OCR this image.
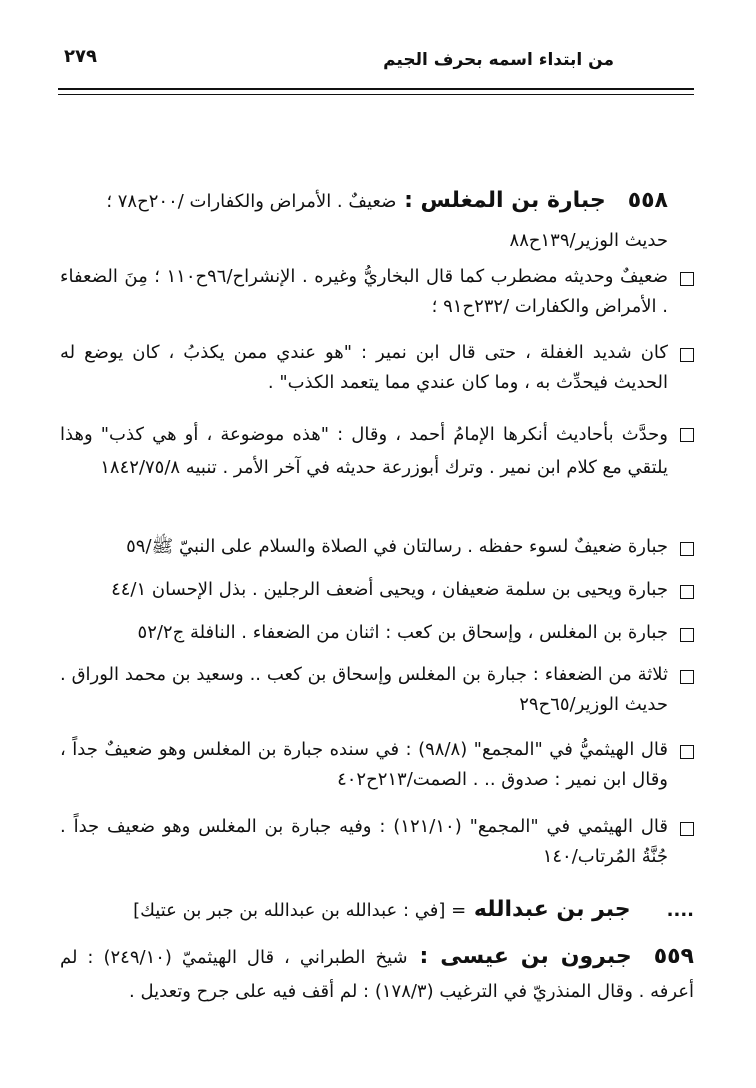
من ابتداء اسمه بحرف الجيم
٢٧٩
٥٥٨جبارة بن المغلس : ضعيفٌ . الأمراض والكفارات /٢٠٠ح٧٨ ؛
حديث الوزير/١٣٩ح٨٨
ضعيفٌ وحديثه مضطرب كما قال البخاريُّ وغيره . الإنشراح/٩٦ح١١٠ ؛ مِنَ الضعفاء . الأمراض والكفارات /٢٣٢ح٩١ ؛
كان شديد الغفلة ، حتى قال ابن نمير : "هو عندي ممن يكذبُ ، كان يوضع له الحديث فيحدِّث به ، وما كان عندي مما يتعمد الكذب" .
وحدَّث بأحاديث أنكرها الإمامُ أحمد ، وقال : "هذه موضوعة ، أو هي كذب" وهذا يلتقي مع كلام ابن نمير . وترك أبوزرعة حديثه في آخر الأمر . تنبيه ١٨٤٢/٧٥/٨
جبارة ضعيفٌ لسوء حفظه . رسالتان في الصلاة والسلام على النبيّ ﷺ/٥٩
جبارة ويحيى بن سلمة ضعيفان ، ويحيى أضعف الرجلين . بذل الإحسان ٤٤/١
جبارة بن المغلس ، وإسحاق بن كعب : اثنان من الضعفاء . النافلة ج٥٢/٢
ثلاثة من الضعفاء : جبارة بن المغلس وإسحاق بن كعب .. وسعيد بن محمد الوراق . حديث الوزير/٦٥ح٢٩
قال الهيثميُّ في "المجمع" (٩٨/٨) : في سنده جبارة بن المغلس وهو ضعيفٌ جداً ، وقال ابن نمير : صدوق .. . الصمت/٢١٣ح٤٠٢
قال الهيثمي في "المجمع" (١٢١/١٠) : وفيه جبارة بن المغلس وهو ضعيف جداً . جُنَّةُ المُرتاب/١٤٠
....جبر بن عبدالله = [في : عبدالله بن عبدالله بن جبر بن عتيك]
٥٥٩جبرون بن عيسى : شيخ الطبراني ، قال الهيثميّ (٢٤٩/١٠) : لم أعرفه . وقال المنذريّ في الترغيب (١٧٨/٣) : لم أقف فيه على جرح وتعديل .
